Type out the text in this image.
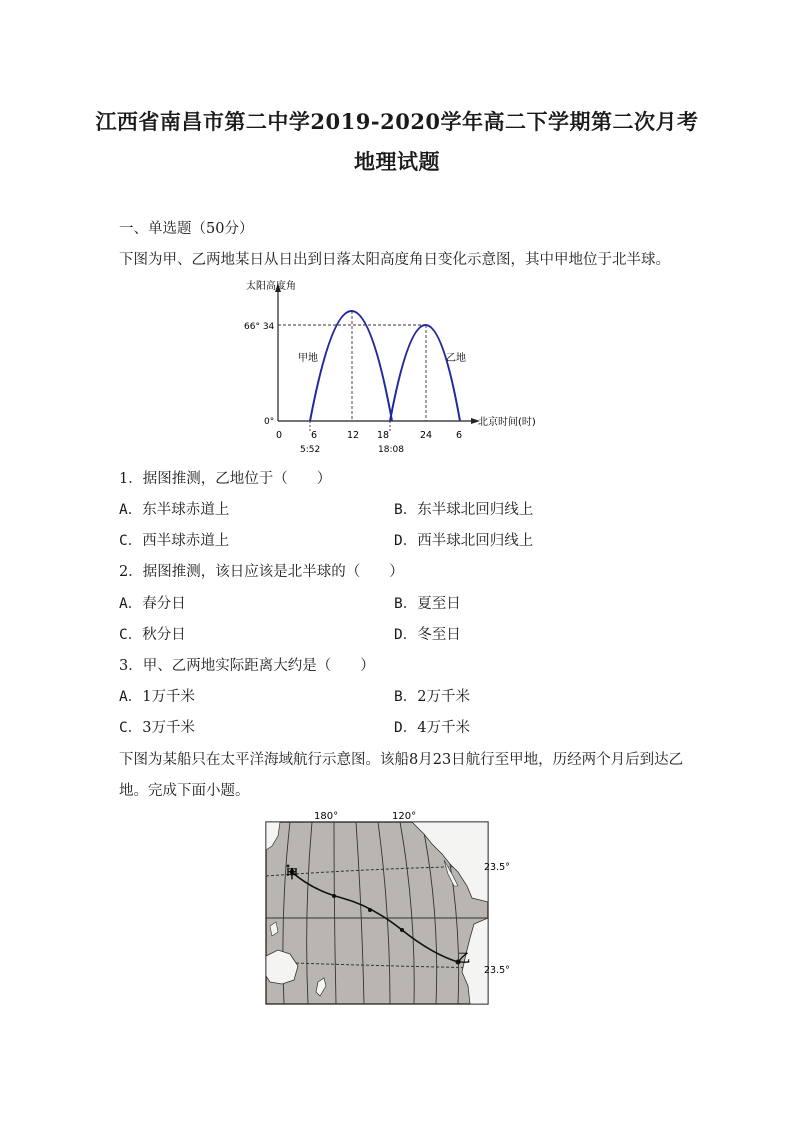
江西省南昌市第二中学2019-2020学年高二下学期第二次月考
地理试题
一、单选题（50分）
下图为甲、乙两地某日从日出到日落太阳高度角日变化示意图，其中甲地位于北半球。
太阳高度角
66° 34
0°
甲地	乙地
北京时间(时)
0	6	12 18	24	6
5:52	18:08
1．据图推测，乙地位于（　　）
A．东半球赤道上	B．东半球北回归线上
C．西半球赤道上	D．西半球北回归线上
2．据图推测，该日应该是北半球的（　　）
A．春分日	B．夏至日
C．秋分日	D．冬至日
3．甲、乙两地实际距离大约是（　　）
A．1万千米	B．2万千米
C．3万千米	D．4万千米
下图为某船只在太平洋海域航行示意图。该船8月23日航行至甲地，历经两个月后到达乙
地。完成下面小题。
180°	120°
23.5°
23.5°
甲
乙
